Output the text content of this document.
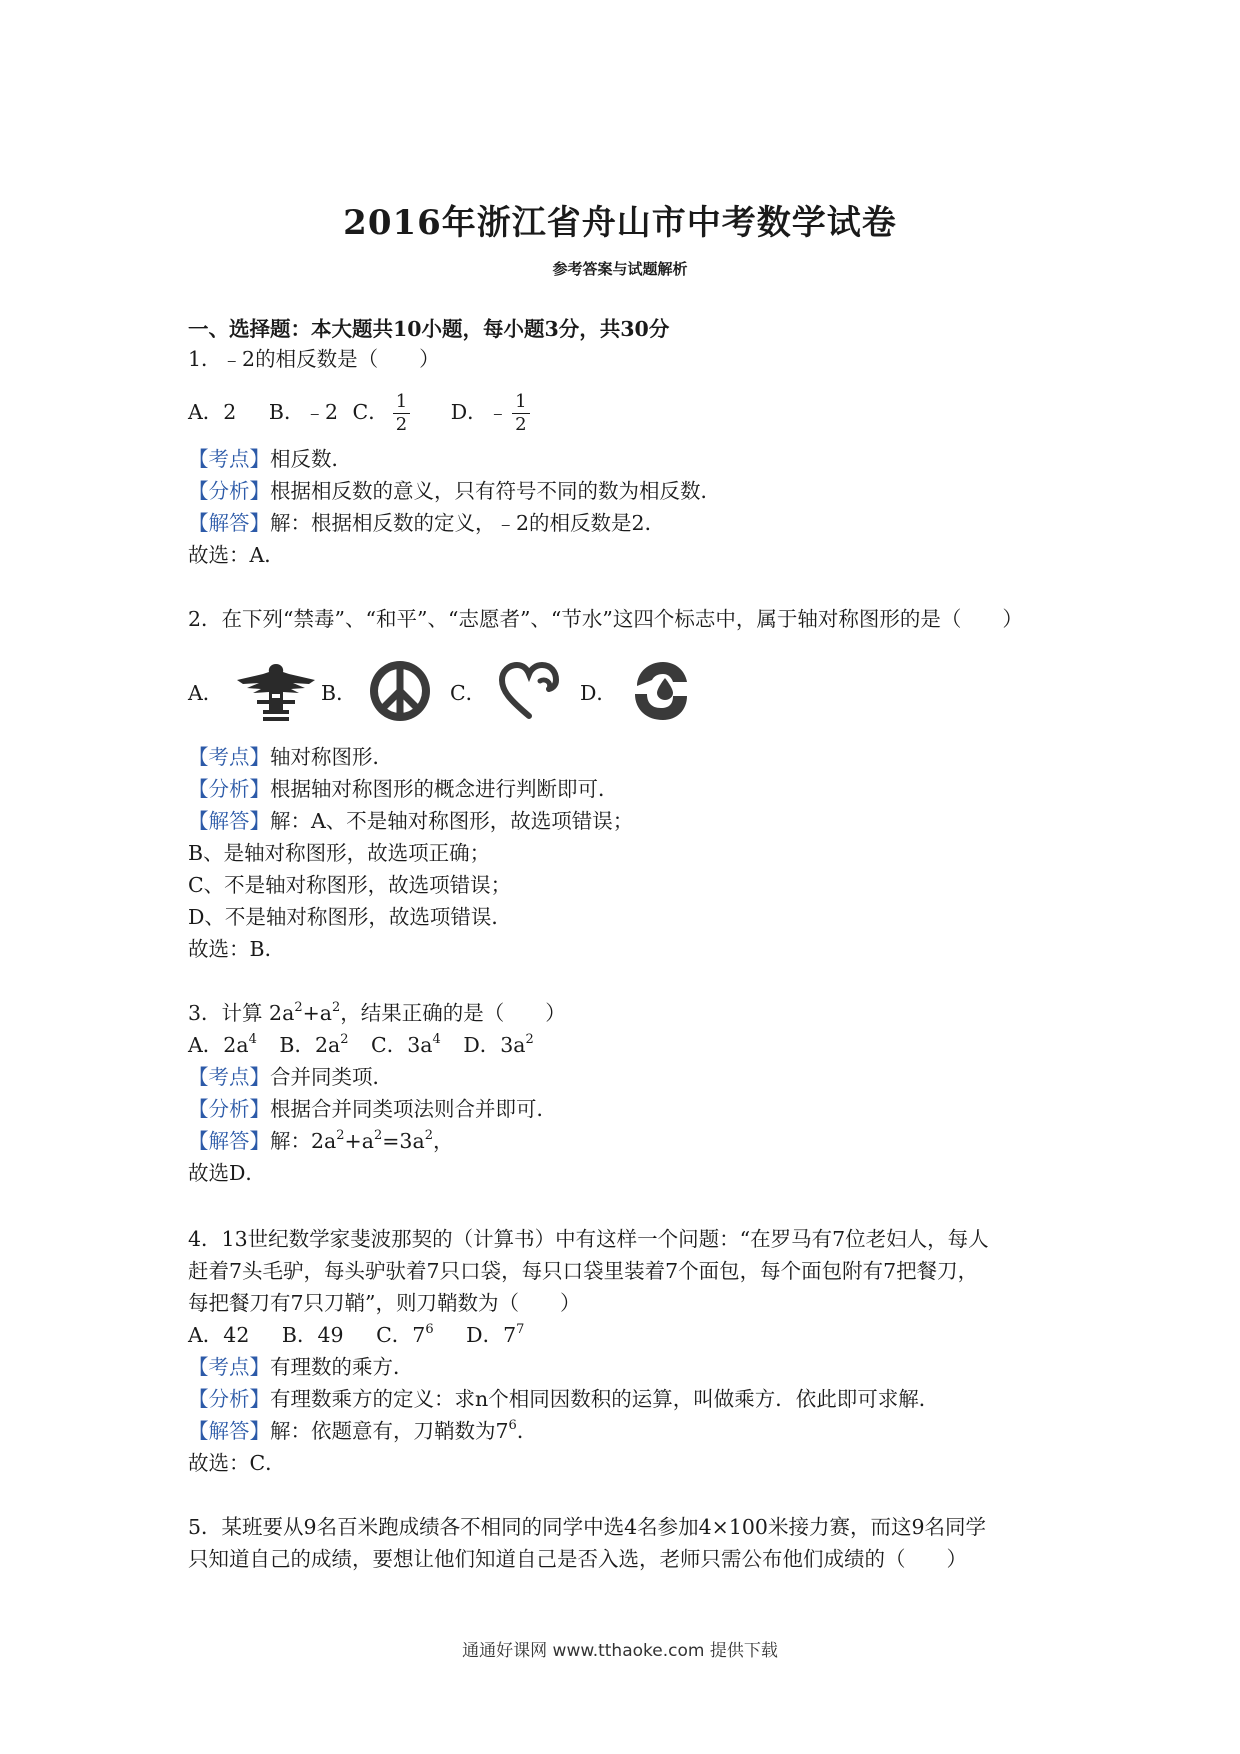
2016年浙江省舟山市中考数学试卷
参考答案与试题解析
一、选择题：本大题共10小题，每小题3分，共30分
1．﹣2的相反数是（　　）
A．2 B．﹣2 C． $\frac{1}{2}$ D．﹣ $\frac{1}{2}$
【考点】相反数．
【分析】根据相反数的意义，只有符号不同的数为相反数．
【解答】解：根据相反数的定义，﹣2的相反数是2．
故选：A．
2．在下列“禁毒”、“和平”、“志愿者”、“节水”这四个标志中，属于轴对称图形的是（　　）
A．	B．	C．	D．
【考点】轴对称图形．
【分析】根据轴对称图形的概念进行判断即可．
【解答】解：A、不是轴对称图形，故选项错误；
B、是轴对称图形，故选项正确；
C、不是轴对称图形，故选项错误；
D、不是轴对称图形，故选项错误．
故选：B．
3．计算 $2a^2+a^2$，结果正确的是（　　）
A．$2a^4$ B．$2a^2$ C．$3a^4$ D．$3a^2$
【考点】合并同类项．
【分析】根据合并同类项法则合并即可．
【解答】解：$2a^2+a^2=3a^2$，
故选D．
4．13世纪数学家斐波那契的（计算书）中有这样一个问题：“在罗马有7位老妇人，每人
赶着7头毛驴，每头驴驮着7只口袋，每只口袋里装着7个面包，每个面包附有7把餐刀，
每把餐刀有7只刀鞘”，则刀鞘数为（　　）
A．42 B．49 C．$7^6$ D．$7^7$
【考点】有理数的乘方．
【分析】有理数乘方的定义：求n个相同因数积的运算，叫做乘方．依此即可求解．
【解答】解：依题意有，刀鞘数为$7^6$．
故选：C．
5．某班要从9名百米跑成绩各不相同的同学中选4名参加4×100米接力赛，而这9名同学
只知道自己的成绩，要想让他们知道自己是否入选，老师只需公布他们成绩的（　　）
通通好课网 www.tthaoke.com 提供下载
